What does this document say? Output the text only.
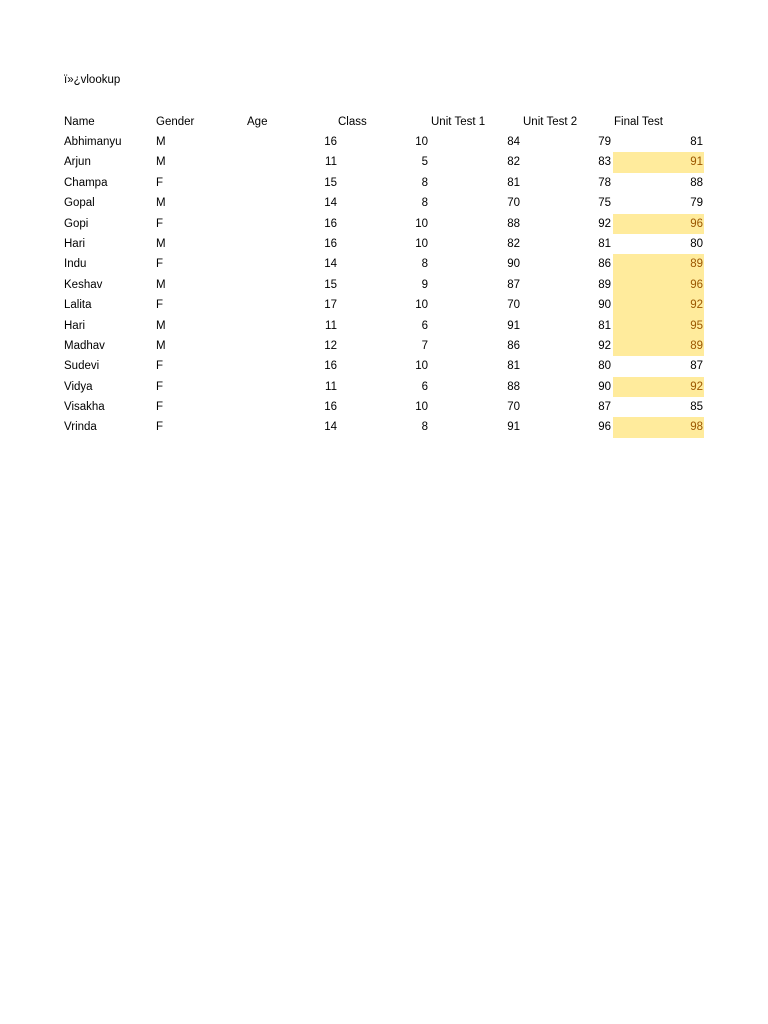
ï»¿vlookup
Name	Gender	Age	Class	Unit Test 1	Unit Test 2	Final Test
Abhimanyu	M	16	10	84	79	81
Arjun	M	11	5	82	83	91
Champa	F	15	8	81	78	88
Gopal	M	14	8	70	75	79
Gopi	F	16	10	88	92	96
Hari	M	16	10	82	81	80
Indu	F	14	8	90	86	89
Keshav	M	15	9	87	89	96
Lalita	F	17	10	70	90	92
Hari	M	11	6	91	81	95
Madhav	M	12	7	86	92	89
Sudevi	F	16	10	81	80	87
Vidya	F	11	6	88	90	92
Visakha	F	16	10	70	87	85
Vrinda	F	14	8	91	96	98
